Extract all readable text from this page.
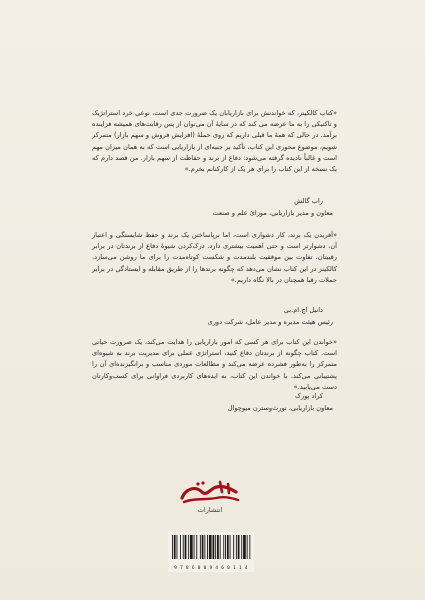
«کتاب کالکینز، که خواندنش برای بازاریابان یک ضرورت جدی است، نوعی خرد استراتژیک و تاکتیکی را به ما عرضه می کند که در سایهٔ آن می‌توان از پس رقابت‌های همیشه فزاینده برآمد. در حالی که همهٔ ما قبلی داریم که روی حملهٔ (افزایش فروش و سهم بازار) متمرکز شویم، موضوع محوری این کتاب، تأکید بر جنبه‌ای از بازاریابی است که به همان میزان مهم است و غالباً نادیده گرفته می‌شود: دفاع از برند و حفاظت از سهم بازار. من قصد دارم که یک نسخه از این کتاب را برای هر یک از کارکنانم بخرم.»

راب گالش
معاون و مدیر بازاریابی، موزائ علم و صنعت

«آفریدن یک برند، کار دشواری است، اما برپاساختن یک برند و حفظ شایستگی و اعتبار آن، دشوارتر است و حتی اهمیت بیشتری دارد. درک‌کردن شیوهٔ دفاع از برندتان در برابر رقیبتان، تفاوت بین موفقیت بلندمدت و شکست کوتاه‌مدت را برای ما روشن می‌سازد. کالکینز در این کتاب نشان می‌دهد که چگونه برندها را از طریق مقابله و ایستادگی در برابر حملات رقبا همچنان در بالا نگاه داریم.»

دانیل اچ.ام.بی
رئیس هیئت مدیره و مدیر عامل، شرکت دوری

«خواندن این کتاب برای هر کسی که امور بازاریابی را هدایت می‌کند، یک ضرورت حیاتی است. کتاب چگونه از برندتان دفاع کنید، استراتژی عملی برای مدیریت برند به شیوه‌ای متمرکز را به‌طور فشرده عرضه می‌کند و مطالعات موردی مناسب و برانگیزنده‌ای آن را پشتیبانی می‌کند. با خواندن این کتاب، به ایده‌های کاربردی فراوانی برای کسب‌وکارتان دست می‌یابید.»

کراد پورک
معاون بازاریابی، نورث‌وسترن میوچوال
انتشارات
9 7 8 6 0 0 9 4 6 0 1 1 4
